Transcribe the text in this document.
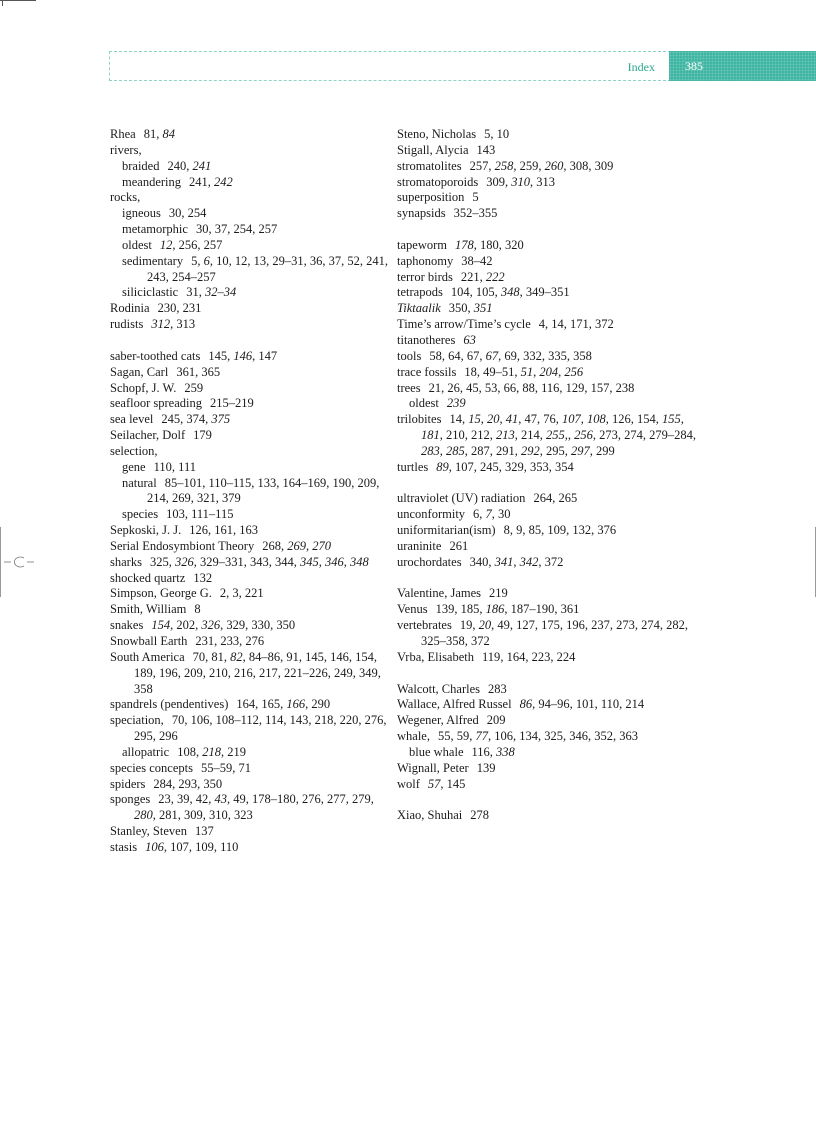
Index	385

Rhea 81, 84

rivers,

braided 240, 241

meandering 241, 242

rocks,

igneous 30, 254

metamorphic 30, 37, 254, 257

oldest 12, 256, 257

sedimentary 5, 6, 10, 12, 13, 29–31, 36, 37, 52, 241, 243, 254–257

siliciclastic 31, 32–34

Rodinia 230, 231

rudists 312, 313

saber-toothed cats 145, 146, 147

Sagan, Carl 361, 365

Schopf, J. W. 259

seafloor spreading 215–219

sea level 245, 374, 375

Seilacher, Dolf 179

selection,

gene 110, 111

natural 85–101, 110–115, 133, 164–169, 190, 209, 214, 269, 321, 379

species 103, 111–115

Sepkoski, J. J. 126, 161, 163

Serial Endosymbiont Theory 268, 269, 270

sharks 325, 326, 329–331, 343, 344, 345, 346, 348

shocked quartz 132

Simpson, George G. 2, 3, 221

Smith, William 8

snakes 154, 202, 326, 329, 330, 350

Snowball Earth 231, 233, 276

South America 70, 81, 82, 84–86, 91, 145, 146, 154, 189, 196, 209, 210, 216, 217, 221–226, 249, 349, 358

spandrels (pendentives) 164, 165, 166, 290

speciation, 70, 106, 108–112, 114, 143, 218, 220, 276, 295, 296

allopatric 108, 218, 219

species concepts 55–59, 71

spiders 284, 293, 350

sponges 23, 39, 42, 43, 49, 178–180, 276, 277, 279, 280, 281, 309, 310, 323

Stanley, Steven 137

stasis 106, 107, 109, 110

Steno, Nicholas 5, 10

Stigall, Alycia 143

stromatolites 257, 258, 259, 260, 308, 309

stromatoporoids 309, 310, 313

superposition 5

synapsids 352–355

tapeworm 178, 180, 320

taphonomy 38–42

terror birds 221, 222

tetrapods 104, 105, 348, 349–351

Tiktaalik 350, 351

Time’s arrow/Time’s cycle 4, 14, 171, 372

titanotheres 63

tools 58, 64, 67, 67, 69, 332, 335, 358

trace fossils 18, 49–51, 51, 204, 256

trees 21, 26, 45, 53, 66, 88, 116, 129, 157, 238

oldest 239

trilobites 14, 15, 20, 41, 47, 76, 107, 108, 126, 154, 155, 181, 210, 212, 213, 214, 255,, 256, 273, 274, 279–284, 283, 285, 287, 291, 292, 295, 297, 299

turtles 89, 107, 245, 329, 353, 354

ultraviolet (UV) radiation 264, 265

unconformity 6, 7, 30

uniformitarian(ism) 8, 9, 85, 109, 132, 376

uraninite 261

urochordates 340, 341, 342, 372

Valentine, James 219

Venus 139, 185, 186, 187–190, 361

vertebrates 19, 20, 49, 127, 175, 196, 237, 273, 274, 282, 325–358, 372

Vrba, Elisabeth 119, 164, 223, 224

Walcott, Charles 283

Wallace, Alfred Russel 86, 94–96, 101, 110, 214

Wegener, Alfred 209

whale, 55, 59, 77, 106, 134, 325, 346, 352, 363

blue whale 116, 338

Wignall, Peter 139

wolf 57, 145

Xiao, Shuhai 278
